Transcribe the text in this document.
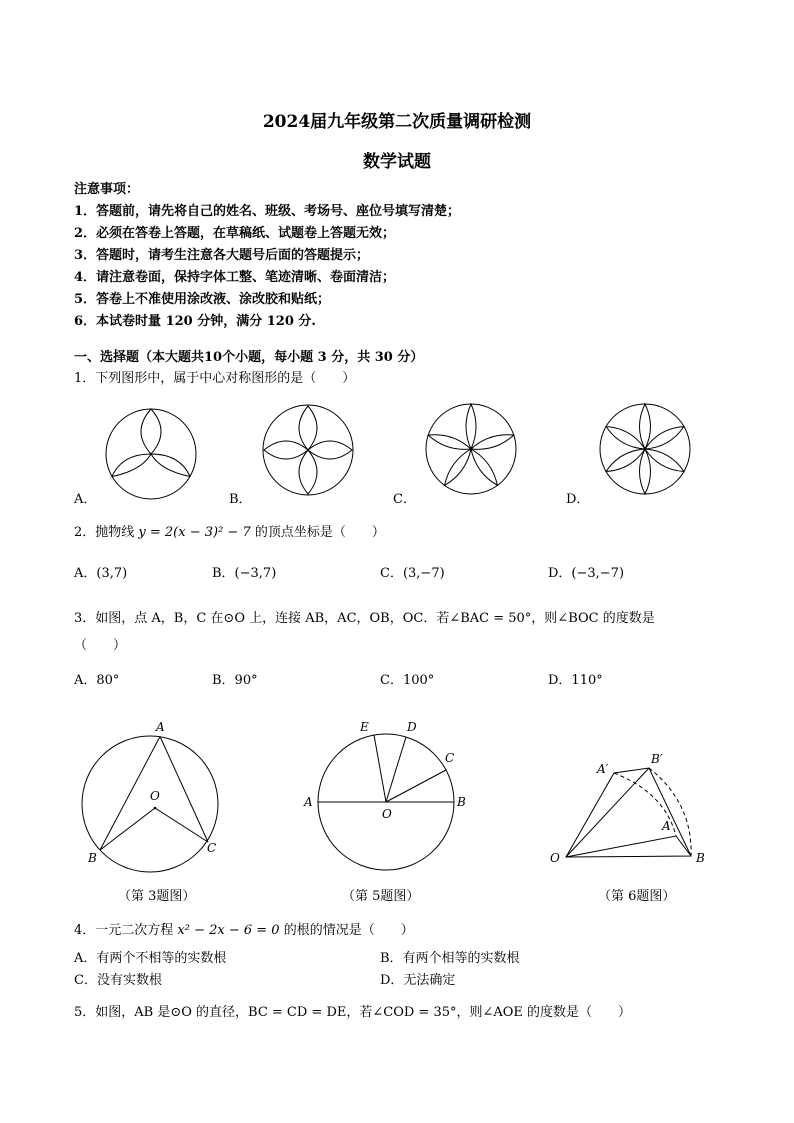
2024届九年级第二次质量调研检测
数学试题
注意事项：
1．答题前，请先将自己的姓名、班级、考场号、座位号填写清楚；
2．必须在答卷上答题，在草稿纸、试题卷上答题无效；
3．答题时，请考生注意各大题号后面的答题提示；
4．请注意卷面，保持字体工整、笔迹清晰、卷面清洁；
5．答卷上不准使用涂改液、涂改胶和贴纸；
6．本试卷时量 120 分钟，满分 120 分.
一、选择题（本大题共10个小题，每小题 3 分，共 30 分）
1．下列图形中，属于中心对称图形的是（　　）
A．	B．	C．	D．
2．抛物线 y = 2(x − 3)² − 7 的顶点坐标是（　　）
A．(3,7)	B．(−3,7)	C．(3,−7)	D．(−3,−7)
3．如图，点 A，B，C 在⊙O 上，连接 AB，AC，OB，OC．若∠BAC = 50°，则∠BOC 的度数是
（　　）
A．80°	B．90°	C．100°	D．110°
A
O
B
C
（第 3题图）
E	D
C
A
O
B
（第 5题图）
A′
B′
A
O	B
（第 6题图）
4．一元二次方程 x² − 2x − 6 = 0 的根的情况是（　　）
A．有两个不相等的实数根	B．有两个相等的实数根
C．没有实数根	D．无法确定
5．如图，AB 是⊙O 的直径，BC = CD = DE，若∠COD = 35°，则∠AOE 的度数是（　　）
